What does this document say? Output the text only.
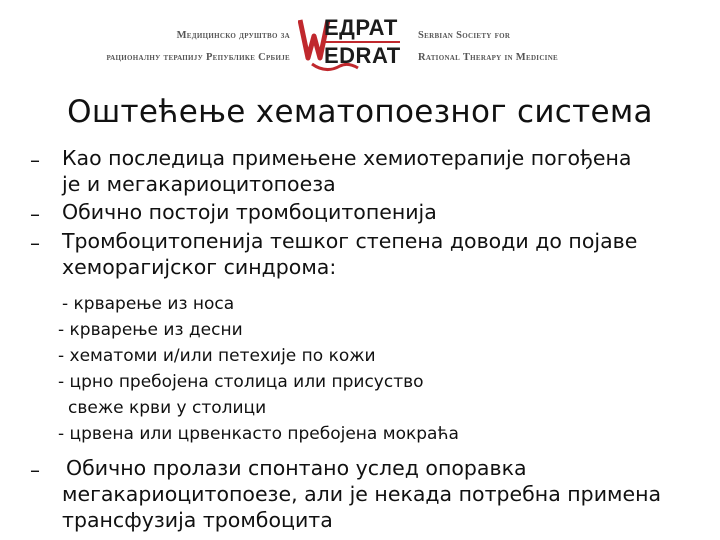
Медицинско друштво за
рационалну терапију Републике Србије
ЕДРАТ
EDRAT
Serbian Society for
Rational Therapy in Medicine
Оштећење хематопоезног система
– Као последица примењене хемиотерапије погођена
је и мегакариоцитопоеза
– Обично постоји тромбоцитопенија
– Тромбоцитопенија тешког степена доводи до појаве
хеморагијског синдрома:
- крварење из носа
- крварење из десни
- хематоми и/или петехије по кожи
- црно пребојена столица или присуство
свеже крви у столици
- црвена или црвенкасто пребојена мокраћа
– Обично пролази спонтано услед опоравка
мегакариоцитопоезе, али је некада потребна примена
трансфузија тромбоцита
